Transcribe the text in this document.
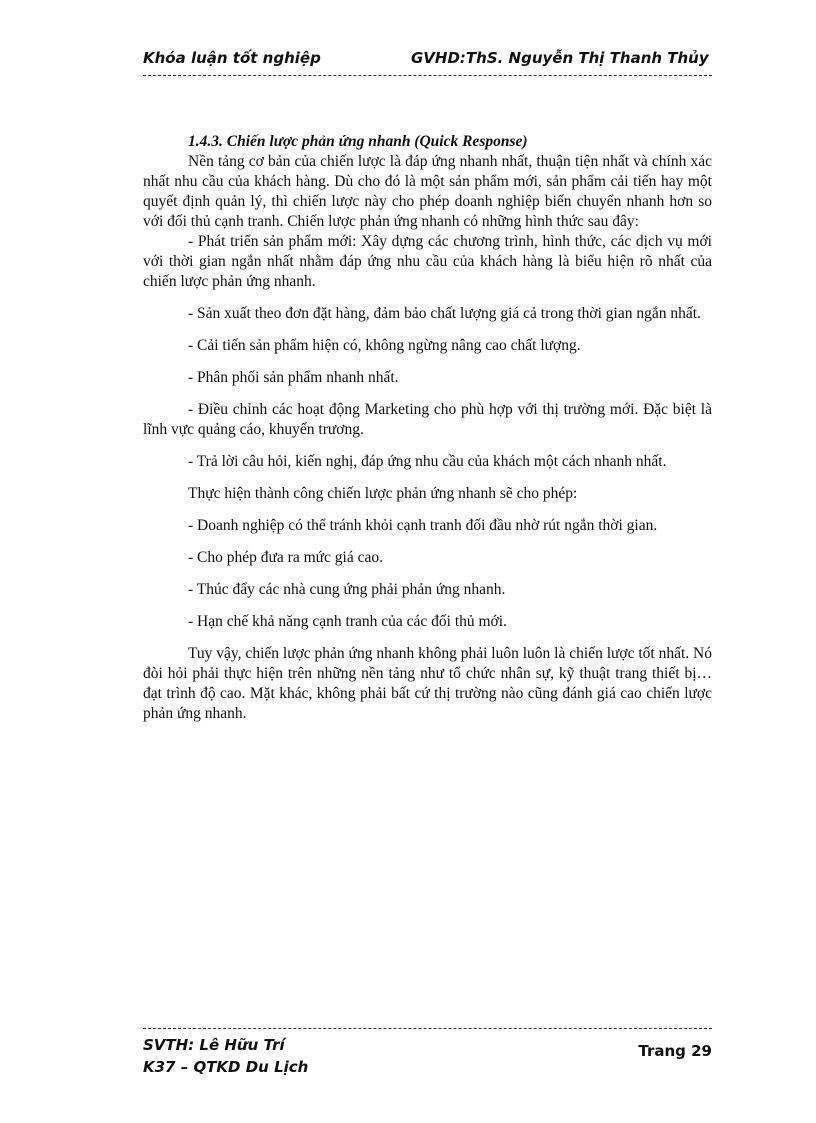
Khóa luận tốt nghiệp	GVHD:ThS. Nguyễn Thị Thanh Thủy

1.4.3. Chiến lược phản ứng nhanh (Quick Response)

Nền tảng cơ bản của chiến lược là đáp ứng nhanh nhất, thuận tiện nhất và chính xác nhất nhu cầu của khách hàng. Dù cho đó là một sản phẩm mới, sản phẩm cải tiến hay một quyết định quản lý, thì chiến lược này cho phép doanh nghiệp biến chuyển nhanh hơn so với đối thủ cạnh tranh. Chiến lược phản ứng nhanh có những hình thức sau đây:

- Phát triển sản phẩm mới: Xây dựng các chương trình, hình thức, các dịch vụ mới với thời gian ngắn nhất nhằm đáp ứng nhu cầu của khách hàng là biểu hiện rõ nhất của chiến lược phản ứng nhanh.

- Sản xuất theo đơn đặt hàng, đảm bảo chất lượng giá cả trong thời gian ngắn nhất.

- Cải tiến sản phẩm hiện có, không ngừng nâng cao chất lượng.

- Phân phối sản phẩm nhanh nhất.

- Điều chỉnh các hoạt động Marketing cho phù hợp với thị trường mới. Đặc biệt là lĩnh vực quảng cáo, khuyến trương.

- Trả lời câu hỏi, kiến nghị, đáp ứng nhu cầu của khách một cách nhanh nhất.

Thực hiện thành công chiến lược phản ứng nhanh sẽ cho phép:

- Doanh nghiệp có thể tránh khỏi cạnh tranh đối đầu nhờ rút ngắn thời gian.

- Cho phép đưa ra mức giá cao.

- Thúc đẩy các nhà cung ứng phải phản ứng nhanh.

- Hạn chế khả năng cạnh tranh của các đối thủ mới.

Tuy vậy, chiến lược phản ứng nhanh không phải luôn luôn là chiến lược tốt nhất. Nó đòi hỏi phải thực hiện trên những nền tảng như tổ chức nhân sự, kỹ thuật trang thiết bị… đạt trình độ cao. Mặt khác, không phải bất cứ thị trường nào cũng đánh giá cao chiến lược phản ứng nhanh.

SVTH: Lê Hữu Trí
K37 – QTKD Du Lịch
Trang 29
